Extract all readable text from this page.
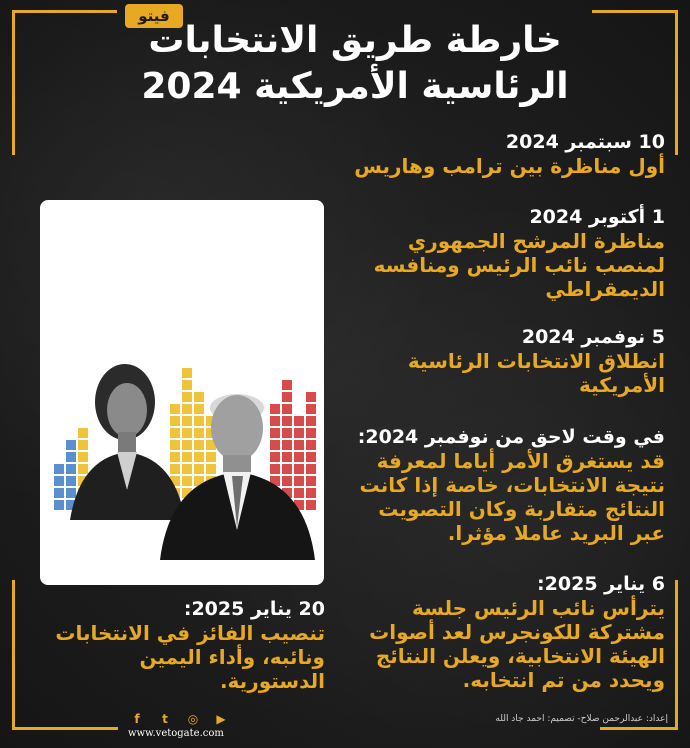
فيتو
خارطة طريق الانتخابات
الرئاسية الأمريكية 2024
10 سبتمبر 2024
أول مناظرة بين ترامب وهاريس
1 أكتوبر 2024
مناظرة المرشح الجمهوري
لمنصب نائب الرئيس ومنافسه
الديمقراطي
5 نوفمبر 2024
انطلاق الانتخابات الرئاسية
الأمريكية
في وقت لاحق من نوفمبر 2024:
قد يستغرق الأمر أياما لمعرفة
نتيجة الانتخابات، خاصة إذا كانت
النتائج متقاربة وكان التصويت
عبر البريد عاملا مؤثرا.
6 يناير 2025:
يترأس نائب الرئيس جلسة
مشتركة للكونجرس لعد أصوات
الهيئة الانتخابية، ويعلن النتائج
ويحدد من تم انتخابه.
20 يناير 2025:
تنصيب الفائز في الانتخابات
ونائبه، وأداء اليمين
الدستورية.
f	t	◎	▶
www.vetogate.com
إعداد: عبدالرحمن صلاح- تصميم: احمد جاد الله
